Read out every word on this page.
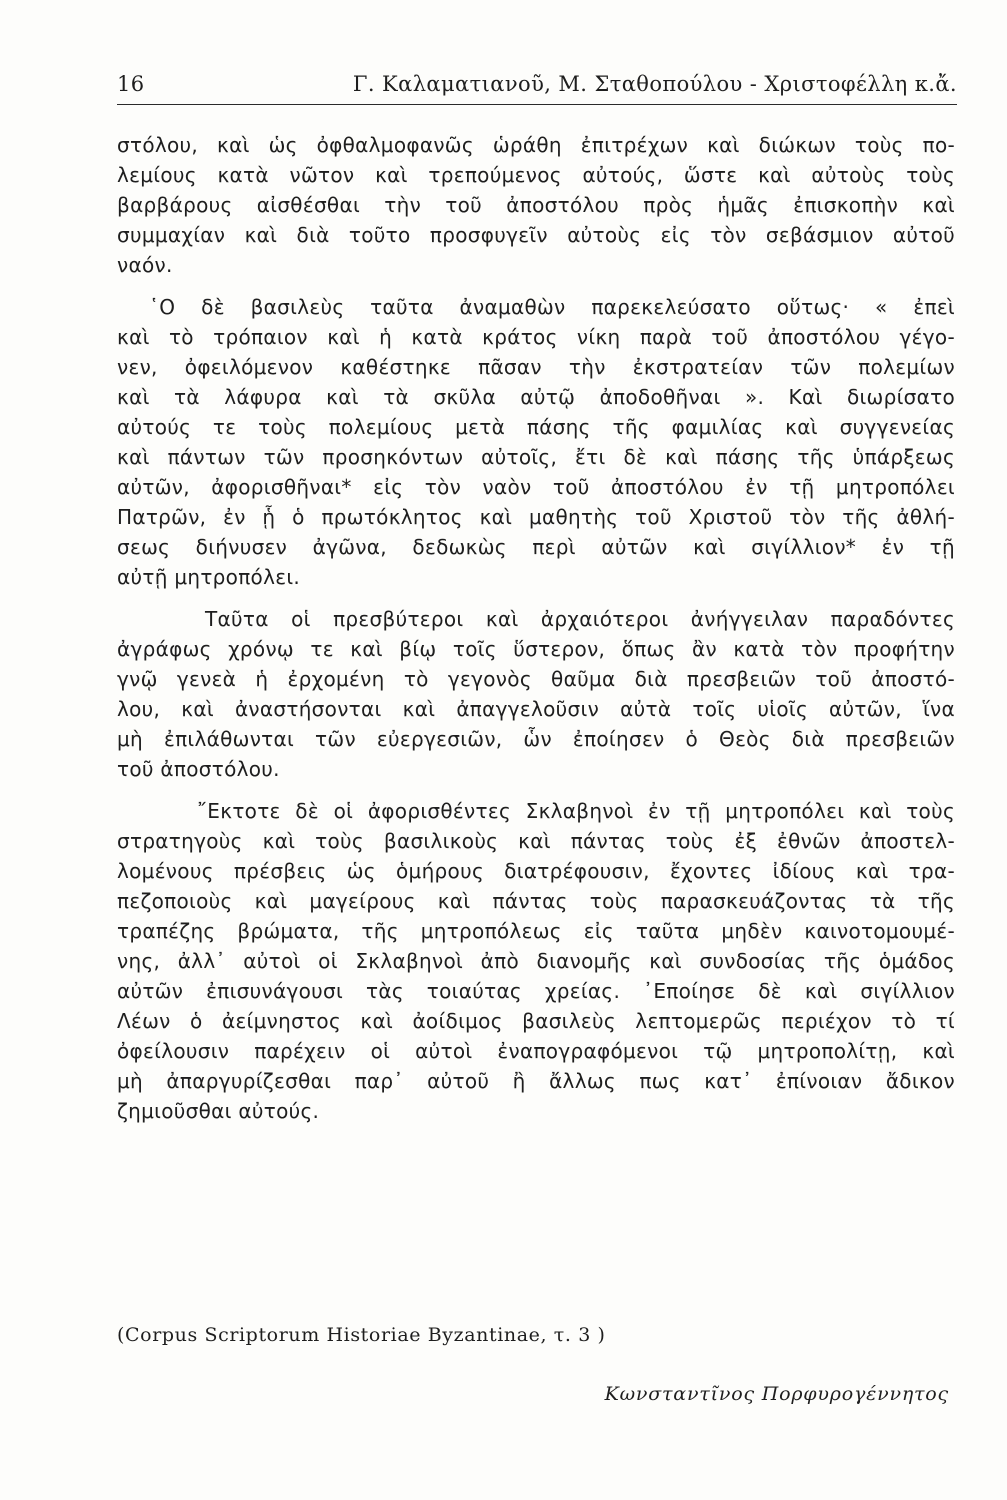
16	Γ. Καλαματιανοῦ, Μ. Σταθοπούλου - Χριστοφέλλη κ.ἄ.
στόλου, καὶ ὡς ὀφθαλμοφανῶς ὡράθη ἐπιτρέχων καὶ διώκων τοὺς πο-
λεμίους κατὰ νῶτον καὶ τρεπούμενος αὐτούς, ὥστε καὶ αὐτοὺς τοὺς
βαρβάρους αἰσθέσθαι τὴν τοῦ ἀποστόλου πρὸς ἡμᾶς ἐπισκοπὴν καὶ
συμμαχίαν καὶ διὰ τοῦτο προσφυγεῖν αὐτοὺς εἰς τὸν σεβάσμιον αὐτοῦ
ναόν.
῾Ο δὲ βασιλεὺς ταῦτα ἀναμαθὼν παρεκελεύσατο οὕτως· « ἐπεὶ
καὶ τὸ τρόπαιον καὶ ἡ κατὰ κράτος νίκη παρὰ τοῦ ἀποστόλου γέγο-
νεν, ὀφειλόμενον καθέστηκε πᾶσαν τὴν ἐκστρατείαν τῶν πολεμίων
καὶ τὰ λάφυρα καὶ τὰ σκῦλα αὐτῷ ἀποδοθῆναι ». Καὶ διωρίσατο
αὐτούς τε τοὺς πολεμίους μετὰ πάσης τῆς φαμιλίας καὶ συγγενείας
καὶ πάντων τῶν προσηκόντων αὐτοῖς, ἔτι δὲ καὶ πάσης τῆς ὑπάρξεως
αὐτῶν, ἀφορισθῆναι* εἰς τὸν ναὸν τοῦ ἀποστόλου ἐν τῇ μητροπόλει
Πατρῶν, ἐν ᾗ ὁ πρωτόκλητος καὶ μαθητὴς τοῦ Χριστοῦ τὸν τῆς ἀθλή-
σεως διήνυσεν ἀγῶνα, δεδωκὼς περὶ αὐτῶν καὶ σιγίλλιον* ἐν τῇ
αὐτῇ μητροπόλει.
Ταῦτα οἱ πρεσβύτεροι καὶ ἀρχαιότεροι ἀνήγγειλαν παραδόντες
ἀγράφως χρόνῳ τε καὶ βίῳ τοῖς ὕστερον, ὅπως ἂν κατὰ τὸν προφήτην
γνῷ γενεὰ ἡ ἐρχομένη τὸ γεγονὸς θαῦμα διὰ πρεσβειῶν τοῦ ἀποστό-
λου, καὶ ἀναστήσονται καὶ ἀπαγγελοῦσιν αὐτὰ τοῖς υἱοῖς αὐτῶν, ἵνα
μὴ ἐπιλάθωνται τῶν εὐεργεσιῶν, ὧν ἐποίησεν ὁ Θεὸς διὰ πρεσβειῶν
τοῦ ἀποστόλου.
῎Εκτοτε δὲ οἱ ἀφορισθέντες Σκλαβηνοὶ ἐν τῇ μητροπόλει καὶ τοὺς
στρατηγοὺς καὶ τοὺς βασιλικοὺς καὶ πάντας τοὺς ἐξ ἐθνῶν ἀποστελ-
λομένους πρέσβεις ὡς ὁμήρους διατρέφουσιν, ἔχοντες ἰδίους καὶ τρα-
πεζοποιοὺς καὶ μαγείρους καὶ πάντας τοὺς παρασκευάζοντας τὰ τῆς
τραπέζης βρώματα, τῆς μητροπόλεως εἰς ταῦτα μηδὲν καινοτομουμέ-
νης, ἀλλ᾽ αὐτοὶ οἱ Σκλαβηνοὶ ἀπὸ διανομῆς καὶ συνδοσίας τῆς ὁμάδος
αὐτῶν ἐπισυνάγουσι τὰς τοιαύτας χρείας. ᾿Εποίησε δὲ καὶ σιγίλλιον
Λέων ὁ ἀείμνηστος καὶ ἀοίδιμος βασιλεὺς λεπτομερῶς περιέχον τὸ τί
ὀφείλουσιν παρέχειν οἱ αὐτοὶ ἐναπογραφόμενοι τῷ μητροπολίτῃ, καὶ
μὴ ἀπαργυρίζεσθαι παρ᾽ αὐτοῦ ἢ ἄλλως πως κατ᾽ ἐπίνοιαν ἄδικον
ζημιοῦσθαι αὐτούς.
(Corpus Scriptorum Historiae Byzantinae, τ. 3 )
Κωνσταντῖνος Πορφυρογέννητος
